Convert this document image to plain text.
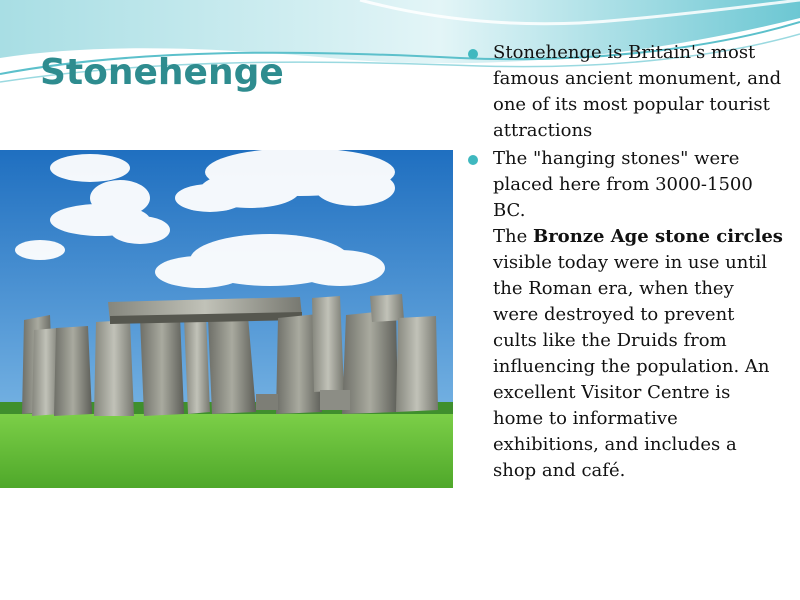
Stonehenge	Stonehenge is Britain's most famous ancient monument, and one of its most popular tourist attractions
The "hanging stones" were placed here from 3000-1500 BC.
The Bronze Age stone circles visible today were in use until the Roman era, when they were destroyed to prevent cults like the Druids from influencing the population. An excellent Visitor Centre is home to informative exhibitions, and includes a shop and café.
